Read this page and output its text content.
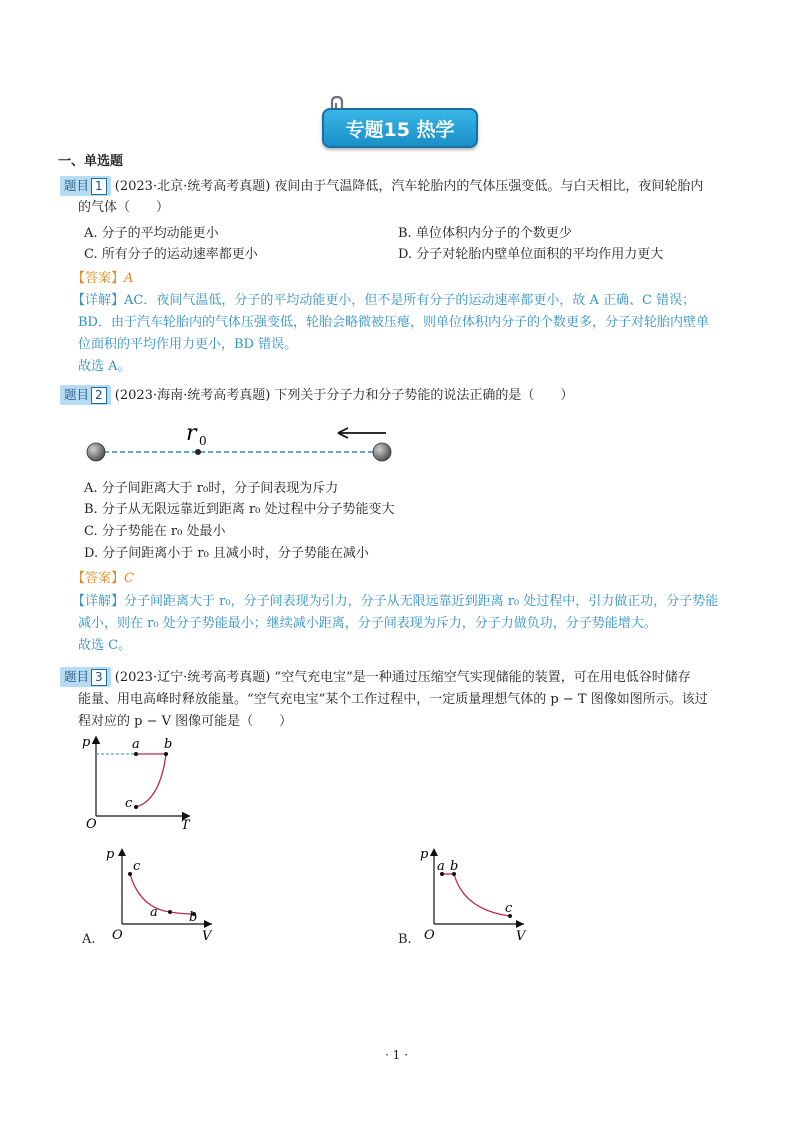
专题15 热学
一、单选题
题目 1 (2023·北京·统考高考真题) 夜间由于气温降低，汽车轮胎内的气体压强变低。与白天相比，夜间轮胎内
的气体（　　）
A. 分子的平均动能更小	B. 单位体积内分子的个数更少
C. 所有分子的运动速率都更小	D. 分子对轮胎内壁单位面积的平均作用力更大
【答案】A
【详解】AC．夜间气温低，分子的平均动能更小，但不是所有分子的运动速率都更小，故 A 正确、C 错误；
BD．由于汽车轮胎内的气体压强变低，轮胎会略微被压瘪，则单位体积内分子的个数更多，分子对轮胎内壁单
位面积的平均作用力更小，BD 错误。
故选 A。
题目 2 (2023·海南·统考高考真题) 下列关于分子力和分子势能的说法正确的是（　　）
r 0
A. 分子间距离大于 r₀时，分子间表现为斥力
B. 分子从无限远靠近到距离 r₀ 处过程中分子势能变大
C. 分子势能在 r₀ 处最小
D. 分子间距离小于 r₀ 且减小时，分子势能在减小
【答案】C
【详解】分子间距离大于 r₀，分子间表现为引力，分子从无限远靠近到距离 r₀ 处过程中，引力做正功，分子势能
减小，则在 r₀ 处分子势能最小；继续减小距离，分子间表现为斥力，分子力做负功，分子势能增大。
故选 C。
题目 3 (2023·辽宁·统考高考真题) “空气充电宝”是一种通过压缩空气实现储能的装置，可在用电低谷时储存
能量、用电高峰时释放能量。“空气充电宝”某个工作过程中，一定质量理想气体的 p − T 图像如图所示。该过
程对应的 p − V 图像可能是（　　）
p
T
O
a b
c
A.
p
V
O
c
a b
B.
p
V
O
a b
c
· 1 ·
